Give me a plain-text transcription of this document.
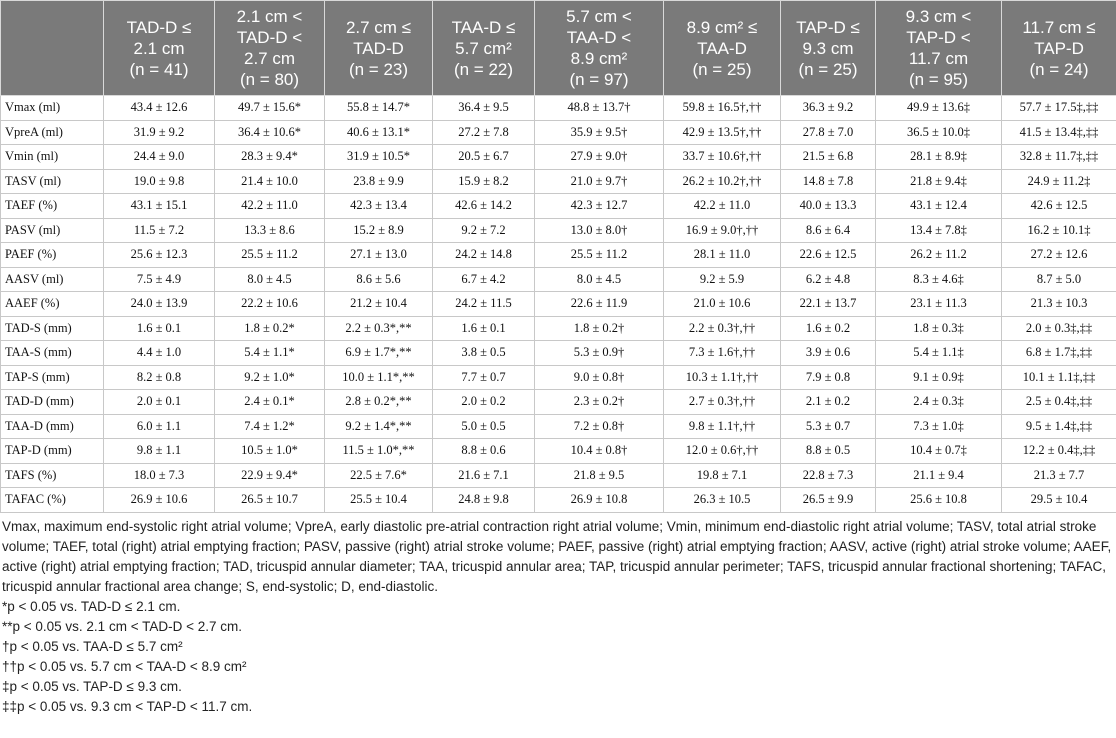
	TAD-D ≤
2.1 cm
(n = 41)	2.1 cm <
TAD-D <
2.7 cm
(n = 80)	2.7 cm ≤
TAD-D
(n = 23)	TAA-D ≤
5.7 cm²
(n = 22)	5.7 cm <
TAA-D <
8.9 cm²
(n = 97)	8.9 cm² ≤
TAA-D
(n = 25)	TAP-D ≤
9.3 cm
(n = 25)	9.3 cm <
TAP-D <
11.7 cm
(n = 95)	11.7 cm ≤
TAP-D
(n = 24)

Vmax (ml)	43.4 ± 12.6	49.7 ± 15.6*	55.8 ± 14.7*	36.4 ± 9.5	48.8 ± 13.7†	59.8 ± 16.5†,††	36.3 ± 9.2	49.9 ± 13.6‡	57.7 ± 17.5‡,‡‡
VpreA (ml)	31.9 ± 9.2	36.4 ± 10.6*	40.6 ± 13.1*	27.2 ± 7.8	35.9 ± 9.5†	42.9 ± 13.5†,††	27.8 ± 7.0	36.5 ± 10.0‡	41.5 ± 13.4‡,‡‡
Vmin (ml)	24.4 ± 9.0	28.3 ± 9.4*	31.9 ± 10.5*	20.5 ± 6.7	27.9 ± 9.0†	33.7 ± 10.6†,††	21.5 ± 6.8	28.1 ± 8.9‡	32.8 ± 11.7‡,‡‡
TASV (ml)	19.0 ± 9.8	21.4 ± 10.0	23.8 ± 9.9	15.9 ± 8.2	21.0 ± 9.7†	26.2 ± 10.2†,††	14.8 ± 7.8	21.8 ± 9.4‡	24.9 ± 11.2‡
TAEF (%)	43.1 ± 15.1	42.2 ± 11.0	42.3 ± 13.4	42.6 ± 14.2	42.3 ± 12.7	42.2 ± 11.0	40.0 ± 13.3	43.1 ± 12.4	42.6 ± 12.5
PASV (ml)	11.5 ± 7.2	13.3 ± 8.6	15.2 ± 8.9	9.2 ± 7.2	13.0 ± 8.0†	16.9 ± 9.0†,††	8.6 ± 6.4	13.4 ± 7.8‡	16.2 ± 10.1‡
PAEF (%)	25.6 ± 12.3	25.5 ± 11.2	27.1 ± 13.0	24.2 ± 14.8	25.5 ± 11.2	28.1 ± 11.0	22.6 ± 12.5	26.2 ± 11.2	27.2 ± 12.6
AASV (ml)	7.5 ± 4.9	8.0 ± 4.5	8.6 ± 5.6	6.7 ± 4.2	8.0 ± 4.5	9.2 ± 5.9	6.2 ± 4.8	8.3 ± 4.6‡	8.7 ± 5.0
AAEF (%)	24.0 ± 13.9	22.2 ± 10.6	21.2 ± 10.4	24.2 ± 11.5	22.6 ± 11.9	21.0 ± 10.6	22.1 ± 13.7	23.1 ± 11.3	21.3 ± 10.3
TAD-S (mm)	1.6 ± 0.1	1.8 ± 0.2*	2.2 ± 0.3*,**	1.6 ± 0.1	1.8 ± 0.2†	2.2 ± 0.3†,††	1.6 ± 0.2	1.8 ± 0.3‡	2.0 ± 0.3‡,‡‡
TAA-S (mm)	4.4 ± 1.0	5.4 ± 1.1*	6.9 ± 1.7*,**	3.8 ± 0.5	5.3 ± 0.9†	7.3 ± 1.6†,††	3.9 ± 0.6	5.4 ± 1.1‡	6.8 ± 1.7‡,‡‡
TAP-S (mm)	8.2 ± 0.8	9.2 ± 1.0*	10.0 ± 1.1*,**	7.7 ± 0.7	9.0 ± 0.8†	10.3 ± 1.1†,††	7.9 ± 0.8	9.1 ± 0.9‡	10.1 ± 1.1‡,‡‡
TAD-D (mm)	2.0 ± 0.1	2.4 ± 0.1*	2.8 ± 0.2*,**	2.0 ± 0.2	2.3 ± 0.2†	2.7 ± 0.3†,††	2.1 ± 0.2	2.4 ± 0.3‡	2.5 ± 0.4‡,‡‡
TAA-D (mm)	6.0 ± 1.1	7.4 ± 1.2*	9.2 ± 1.4*,**	5.0 ± 0.5	7.2 ± 0.8†	9.8 ± 1.1†,††	5.3 ± 0.7	7.3 ± 1.0‡	9.5 ± 1.4‡,‡‡
TAP-D (mm)	9.8 ± 1.1	10.5 ± 1.0*	11.5 ± 1.0*,**	8.8 ± 0.6	10.4 ± 0.8†	12.0 ± 0.6†,††	8.8 ± 0.5	10.4 ± 0.7‡	12.2 ± 0.4‡,‡‡
TAFS (%)	18.0 ± 7.3	22.9 ± 9.4*	22.5 ± 7.6*	21.6 ± 7.1	21.8 ± 9.5	19.8 ± 7.1	22.8 ± 7.3	21.1 ± 9.4	21.3 ± 7.7
TAFAC (%)	26.9 ± 10.6	26.5 ± 10.7	25.5 ± 10.4	24.8 ± 9.8	26.9 ± 10.8	26.3 ± 10.5	26.5 ± 9.9	25.6 ± 10.8	29.5 ± 10.4

Vmax, maximum end-systolic right atrial volume; VpreA, early diastolic pre-atrial contraction right atrial volume; Vmin, minimum end-diastolic right atrial volume; TASV, total atrial stroke volume; TAEF, total (right) atrial emptying fraction; PASV, passive (right) atrial stroke volume; PAEF, passive (right) atrial emptying fraction; AASV, active (right) atrial stroke volume; AAEF, active (right) atrial emptying fraction; TAD, tricuspid annular diameter; TAA, tricuspid annular area; TAP, tricuspid annular perimeter; TAFS, tricuspid annular fractional shortening; TAFAC, tricuspid annular fractional area change; S, end-systolic; D, end-diastolic.

*p < 0.05 vs. TAD-D ≤ 2.1 cm.

**p < 0.05 vs. 2.1 cm < TAD-D < 2.7 cm.

†p < 0.05 vs. TAA-D ≤ 5.7 cm²

††p < 0.05 vs. 5.7 cm < TAA-D < 8.9 cm²

‡p < 0.05 vs. TAP-D ≤ 9.3 cm.

‡‡p < 0.05 vs. 9.3 cm < TAP-D < 11.7 cm.
